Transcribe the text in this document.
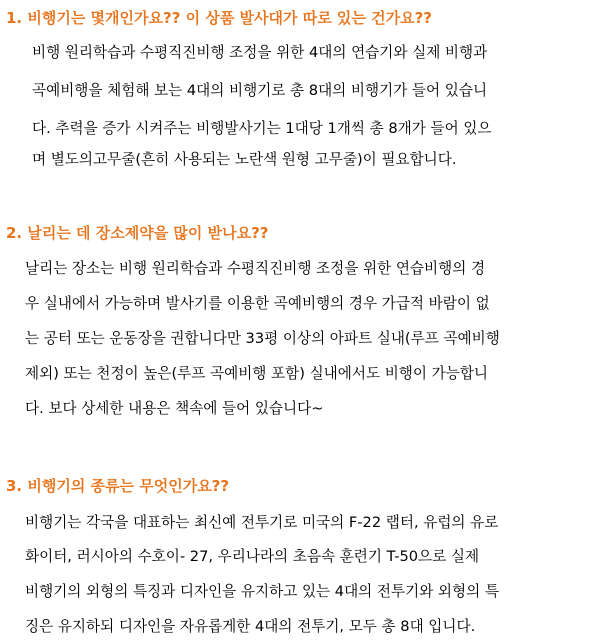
1. 비행기는 몇개인가요?? 이 상품 발사대가 따로 있는 건가요??
비행 원리학습과 수평직진비행 조정을 위한 4대의 연습기와 실제 비행과
곡예비행을 체험해 보는 4대의 비행기로 총 8대의 비행기가 들어 있습니
다. 추력을 증가 시켜주는 비행발사기는 1대당 1개씩 총 8개가 들어 있으
며 별도의고무줄(흔히 사용되는 노란색 원형 고무줄)이 필요합니다.
2. 날리는 데 장소제약을 많이 받나요??
날리는 장소는 비행 원리학습과 수평직진비행 조정을 위한 연습비행의 경
우 실내에서 가능하며 발사기를 이용한 곡예비행의 경우 가급적 바람이 없
는 공터 또는 운동장을 권합니다만 33평 이상의 아파트 실내(루프 곡예비행
제외) 또는 천정이 높은(루프 곡예비행 포함) 실내에서도 비행이 가능합니
다. 보다 상세한 내용은 책속에 들어 있습니다~
3. 비행기의 종류는 무엇인가요??
비행기는 각국을 대표하는 최신예 전투기로 미국의 F-22 랩터, 유럽의 유로
화이터, 러시아의 수호이- 27, 우리나라의 초음속 훈련기 T-50으로 실제
비행기의 외형의 특징과 디자인을 유지하고 있는 4대의 전투기와 외형의 특
징은 유지하되 디자인을 자유롭게한 4대의 전투기, 모두 총 8대 입니다.
